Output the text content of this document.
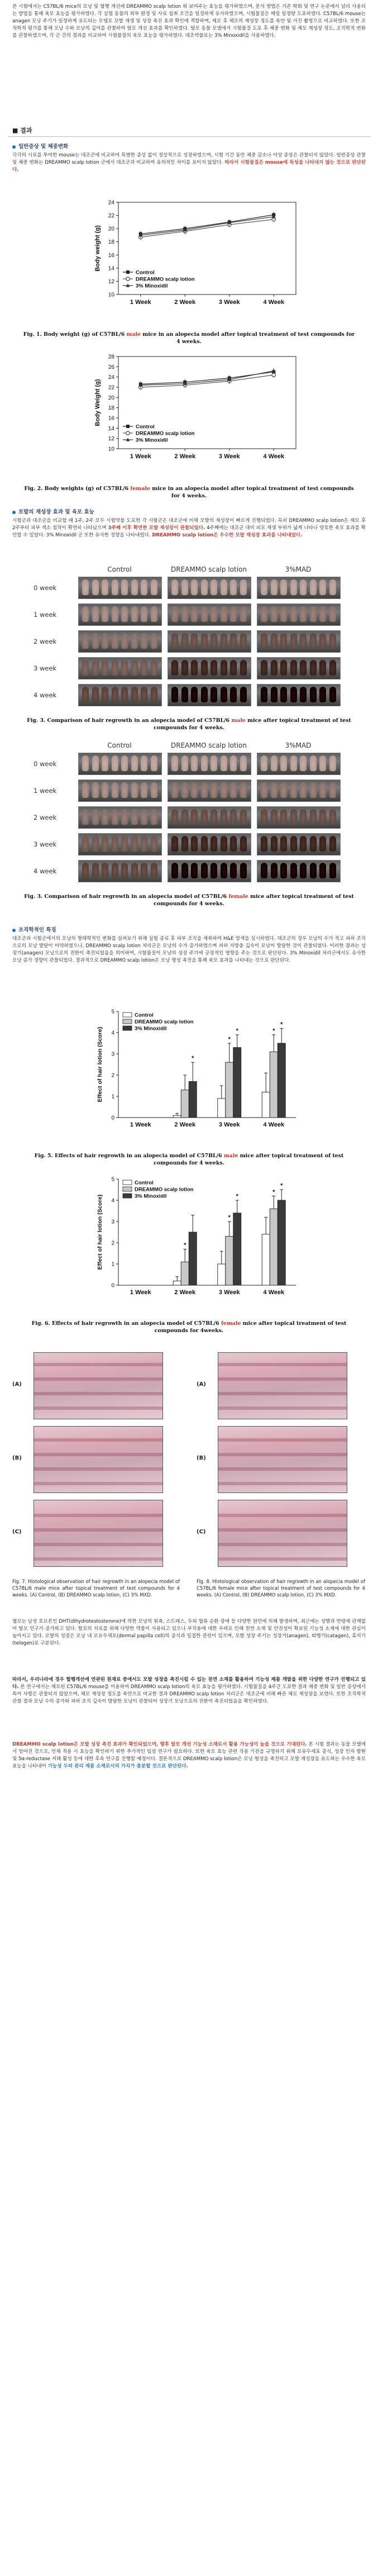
본 시험에서는 C57BL/6 mice의 모낭 및 혈행 개선에 DREAMMO scalp lotion 외 보여주는 효능을 평가하였으며, 분석 방법은 기존 학회 및 연구 논문에서 널리 사용되는 방법을 통해 육모 효능을 평가하였다. 각 실험 동물의 외부 환경 및 사료 섭취 조건을 일정하게 유지하였으며, 시험물질은 매일 일정량 도포하였다. C57BL/6 mouse는 anagen 모낭 주기가 일정하게 유도되는 모델로 모발 재생 및 성장 촉진 효과 확인에 적합하며, 제모 후 체모의 재성장 정도를 육안 및 사진 촬영으로 비교하였다. 또한 조직학적 평가를 통해 모낭 수와 모낭의 깊이를 관찰하여 탈모 개선 효과를 확인하였다. 탈모 동물 모델에서 시험물질 도포 후 체중 변화 및 체모 재성장 정도, 조직학적 변화를 관찰하였으며, 각 군 간의 결과를 비교하여 시험물질의 육모 효능을 평가하였다. 대조약물로는 3% Minoxidil을 사용하였다.

■ 결과
일반증상 및 체중변화

각각의 시료를 투여한 mouse는 대조군에 비교하여 특별한 증상 없이 정상적으로 성장하였으며, 시험 기간 동안 체중 감소나 이상 증상은 관찰되지 않았다. 일반증상 관찰 및 체중 변화는 DREAMMO scalp lotion 군에서 대조군과 비교하여 유의적인 차이를 보이지 않았다. 따라서 시험물질은 mouse에 독성을 나타내지 않는 것으로 판단된다.

10
12
14
16
18
20
22
24
1 Week	2 Week	3 Week	4 Week
Body weight (g)
Control
DREAMMO scalp lotion
3% Minoxidil
Fig. 1. Body weight (g) of C57BL/6 male mice in an alopecia model after topical treatment of test compounds for 4 weeks.
10
12
14
16
18
20
22
24
26
28
1 Week	2 Week	3 Week	4 Week
Body Weight (g)
Control
DREAMMO scalp lotion
3% Minoxidil
Fig. 2. Body weights (g) of C57BL/6 female mice in an alopecia model after topical treatment of test compounds for 4 weeks.
모발의 재성장 효과 및 육모 효능

시험군과 대조군을 비교할 때 1주, 2주 모두 시험약물 도포한 각 시험군은 대조군에 비해 모발의 재성장이 빠르게 진행되었다. 특히 DREAMMO scalp lotion은 제모 후 2주부터 피부 색소 침착이 확연히 나타났으며 3주째 이후 확연한 모발 재성장이 관찰되었다. 4주째에는 대조군 대비 피모 재생 부위가 넓게 나타나 양호한 육모 효과를 확인할 수 있었다. 3% Minoxidil 군 또한 유사한 경향을 나타내었다. DREAMMO scalp lotion은 우수한 모발 재성장 효과를 나타내었다.

Control	DREAMMO scalp lotion	3%MAD
0 week
1 week
2 week
3 week
4 week
Fig. 3. Comparison of hair regrowth in an alopecia model of C57BL/6 male mice after topical treatment of test compounds for 4 weeks.
Control	DREAMMO scalp lotion	3%MAD
0 week
1 week
2 week
3 week
4 week
Fig. 3. Comparison of hair regrowth in an alopecia model of C57BL/6 female mice after topical treatment of test compounds for 4 weeks.
조직학적인 특징

대조군과 시험군에서의 모낭의 형태학적인 변화를 살펴보기 위해 실험 종료 후 피부 조직을 채취하여 H&E 염색을 실시하였다. 대조군의 경우 모낭의 수가 적고 피하 조직으로의 모낭 발달이 미약하였으나, DREAMMO scalp lotion 처리군은 모낭의 수가 증가하였으며 피하 지방층 깊숙이 모낭이 발달한 것이 관찰되었다. 이러한 결과는 성장기(anagen) 모낭으로의 전환이 촉진되었음을 의미하며, 시험물질이 모낭의 성장 주기에 긍정적인 영향을 주는 것으로 판단된다. 3% Minoxidil 처리군에서도 유사한 모낭 증가 경향이 관찰되었다. 결과적으로 DREAMMO scalp lotion은 모낭 형성 촉진을 통해 육모 효과를 나타내는 것으로 판단된다.

0
1
2
3
4
5
Effect of hair lotion (Score)
1 Week	2 Week
*
3 Week
*
*
4 Week
*
*
Control
DREAMMO scalp lotion
3% Minoxidil
Fig. 5. Effects of hair regrowth in an alopecia model of C57BL/6 male mice after topical treatment of test compounds for 4 weeks.
0
1
2
3
4
5
Effect of hair lotion (Score)
1 Week	2 Week
*
3 Week
*
*
4 Week
*
*
Control
DREAMMO scalp lotion
3% Minoxidil
Fig. 6. Effects of hair regrowth in an alopecia model of C57BL/6 female mice after topical treatment of test compounds for 4weeks.
(A)
(B)
(C)
(A)
(B)
(C)
Fig. 7. Histological observation of hair regrowth in an alopecia model of C57BL/6 male mice after topical treatment of test compounds for 4 weeks. (A) Control, (B) DREAMMO scalp lotion, (C) 3% MXD.
Fig. 8. Histological observation of hair regrowth in an alopecia model of C57BL/6 female mice after topical treatment of test compounds for 4 weeks. (A) Control, (B) DREAMMO scalp lotion, (C) 3% MXD.

혈모는 남성 호르몬인 DHT(dihydrotestosterone)에 의한 모낭의 위축, 스트레스, 두피 혈류 순환 장애 등 다양한 원인에 의해 발생하며, 최근에는 성별과 연령에 관계없이 탈모 인구가 증가하고 있다. 탈모의 치료를 위해 다양한 약물이 사용되고 있으나 부작용에 대한 우려로 인해 천연 소재 및 안전성이 확보된 기능성 소재에 대한 관심이 높아지고 있다. 모발의 성장은 모낭 내 모유두세포(dermal papilla cell)의 증식과 밀접한 관련이 있으며, 모발 성장 주기는 성장기(anagen), 퇴행기(catagen), 휴지기(telogen)로 구분된다.

따라서, 우리나라에 경우 혈행개선에 연관된 원재료 중에서도 모발 성장을 촉진시킬 수 있는 천연 소재를 활용하여 기능성 제품 개발을 위한 다양한 연구가 진행되고 있다. 본 연구에서는 제모된 C57BL/6 mouse를 이용하여 DREAMMO scalp lotion의 육모 효능을 평가하였다. 시험물질을 4주간 도포한 결과 체중 변화 및 일반 증상에서 특이 사항은 관찰되지 않았으며, 체모 재성장 정도를 육안으로 비교한 결과 DREAMMO scalp lotion 처리군은 대조군에 비해 빠른 체모 재성장을 보였다. 또한 조직학적 관찰 결과 모낭 수의 증가와 피하 조직 깊숙이 발달한 모낭이 관찰되어 성장기 모낭으로의 전환이 촉진되었음을 확인하였다.

DREAMMO scalp lotion은 모발 성장 촉진 효과가 확인되었으며, 향후 탈모 개선 기능성 소재로서 활용 가능성이 높을 것으로 기대된다. 본 시험 결과는 동물 모델에서 얻어진 것으로, 인체 적용 시 효능을 확인하기 위한 추가적인 임상 연구가 필요하다. 또한 육모 효능 관련 작용 기전을 규명하기 위해 모유두세포 증식, 성장 인자 발현 및 5α-reductase 저해 활성 등에 대한 후속 연구를 진행할 예정이다. 결론적으로 DREAMMO scalp lotion은 모낭 형성을 촉진하고 모발 재성장을 유도하는 우수한 육모 효능을 나타내어 기능성 두피 관리 제품 소재로서의 가치가 충분할 것으로 판단된다.
